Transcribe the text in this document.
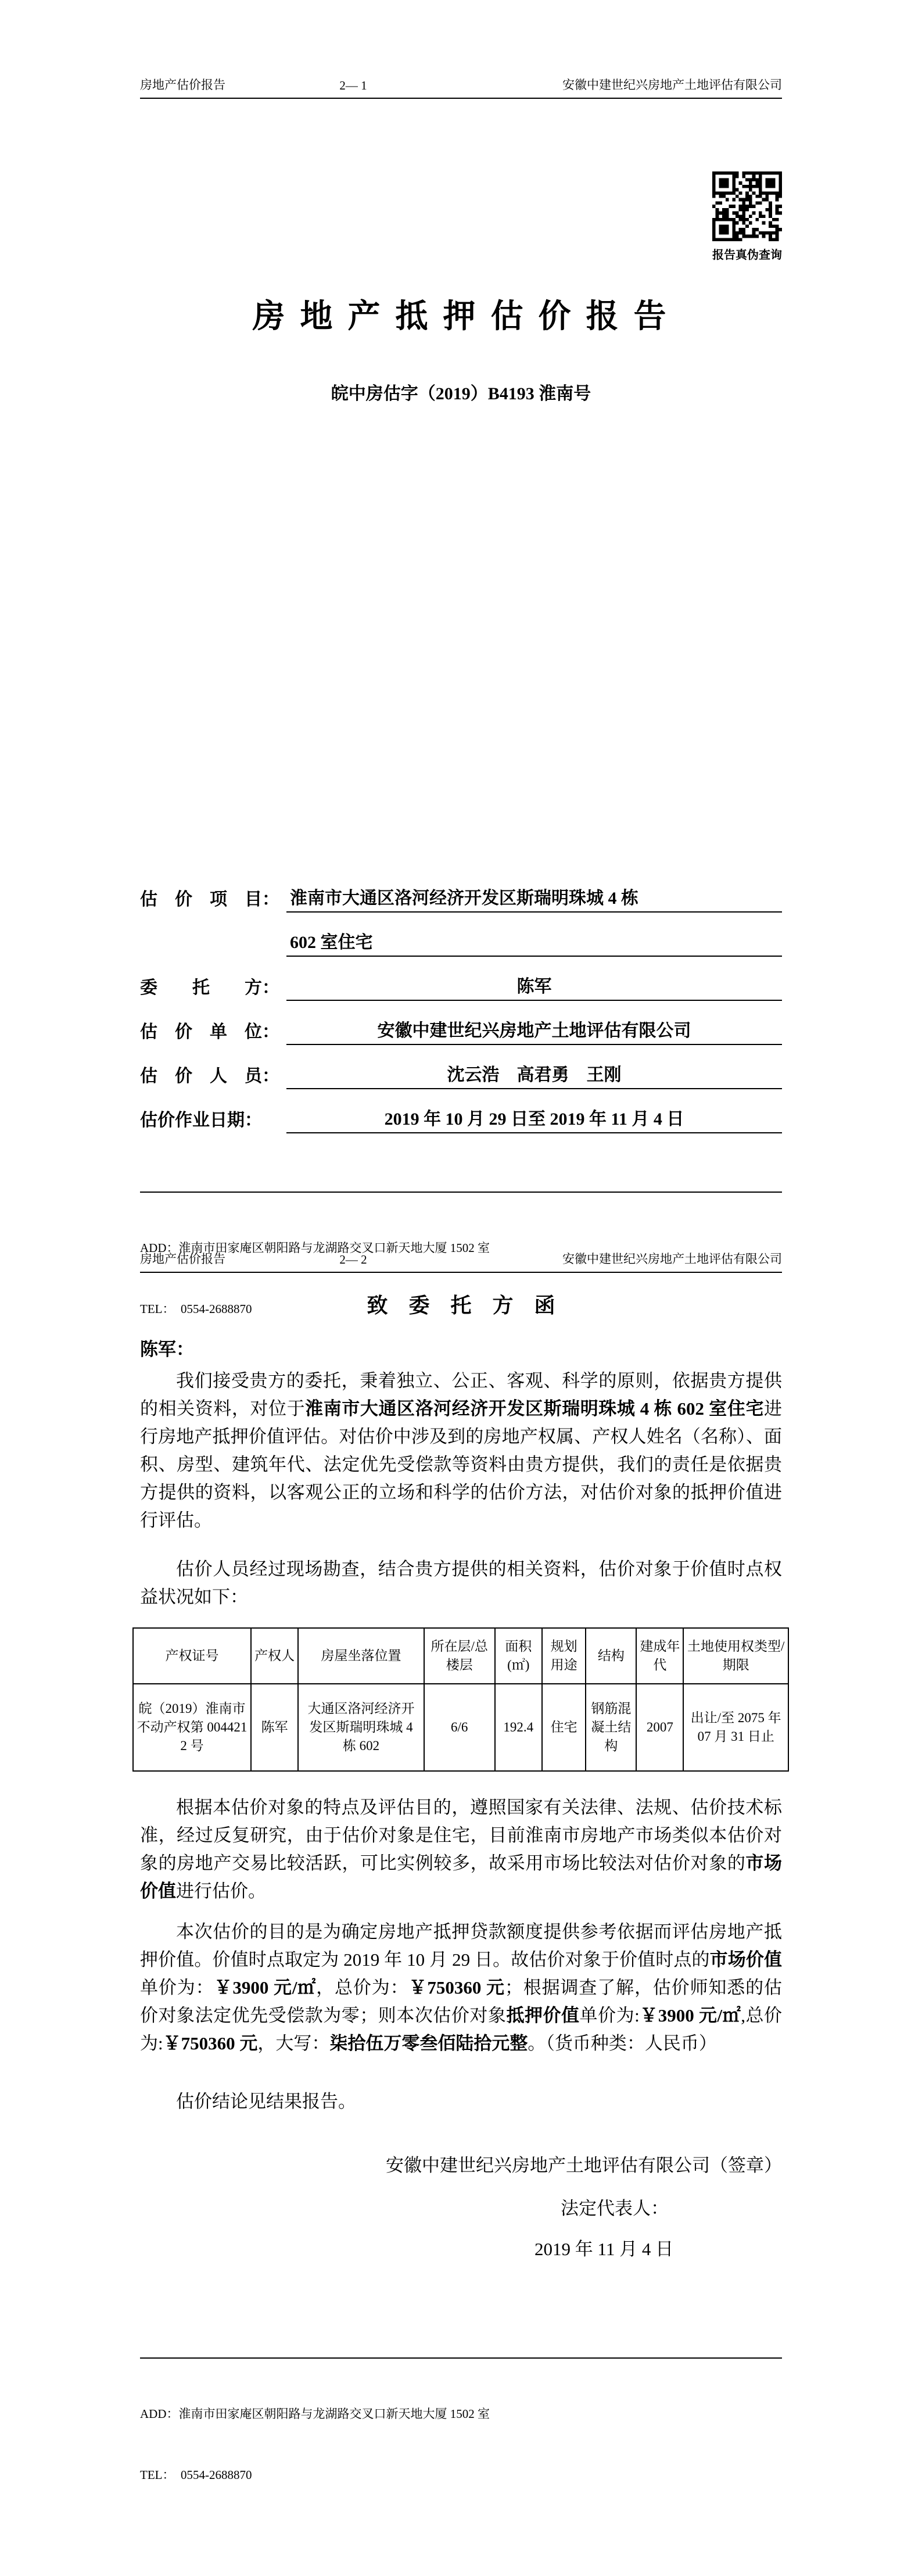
房地产估价报告	2— 1	安徽中建世纪兴房地产土地评估有限公司
报告真伪查询
房 地 产 抵 押 估 价 报 告
皖中房估字（2019）B4193 淮南号
估　价　项　目： 淮南市大通区洛河经济开发区斯瑞明珠城 4 栋
602 室住宅
委　　托　　方：	陈军
估　价　单　位：	安徽中建世纪兴房地产土地评估有限公司
估　价　人　员：	沈云浩　高君勇　王刚
估价作业日期：	2019 年 10 月 29 日至 2019 年 11 月 4 日

ADD：淮南市田家庵区朝阳路与龙湖路交叉口新天地大厦 1502 室

TEL：  0554-2688870

房地产估价报告	2— 2	安徽中建世纪兴房地产土地评估有限公司
致　委　托　方　函
陈军：

我们接受贵方的委托，秉着独立、公正、客观、科学的原则，依据贵方提供的相关资料，对位于淮南市大通区洛河经济开发区斯瑞明珠城 4 栋 602 室住宅进行房地产抵押价值评估。对估价中涉及到的房地产权属、产权人姓名（名称）、面积、房型、建筑年代、法定优先受偿款等资料由贵方提供，我们的责任是依据贵方提供的资料，以客观公正的立场和科学的估价方法，对估价对象的抵押价值进行评估。

估价人员经过现场勘查，结合贵方提供的相关资料，估价对象于价值时点权益状况如下：

产权证号	产权人	房屋坐落位置	所在层/总楼层	面积(㎡)	规划用途	结构	建成年代	土地使用权类型/期限
皖（2019）淮南市不动产权第 0044212 号	陈军	大通区洛河经济开发区斯瑞明珠城 4 栋 602	6/6	192.4	住宅	钢筋混凝土结构	2007	出让/至 2075 年 07 月 31 日止

根据本估价对象的特点及评估目的，遵照国家有关法律、法规、估价技术标准，经过反复研究，由于估价对象是住宅，目前淮南市房地产市场类似本估价对象的房地产交易比较活跃，可比实例较多，故采用市场比较法对估价对象的市场价值进行估价。

本次估价的目的是为确定房地产抵押贷款额度提供参考依据而评估房地产抵押价值。价值时点取定为 2019 年 10 月 29 日。故估价对象于价值时点的市场价值单价为：￥3900 元/㎡，总价为：￥750360 元；根据调查了解，估价师知悉的估价对象法定优先受偿款为零；则本次估价对象抵押价值单价为:￥3900 元/㎡,总价为:￥750360 元，大写：柒拾伍万零叁佰陆拾元整。（货币种类：人民币）

估价结论见结果报告。

安徽中建世纪兴房地产土地评估有限公司（签章）
法定代表人：
2019 年 11 月 4 日

ADD：淮南市田家庵区朝阳路与龙湖路交叉口新天地大厦 1502 室

TEL：  0554-2688870
